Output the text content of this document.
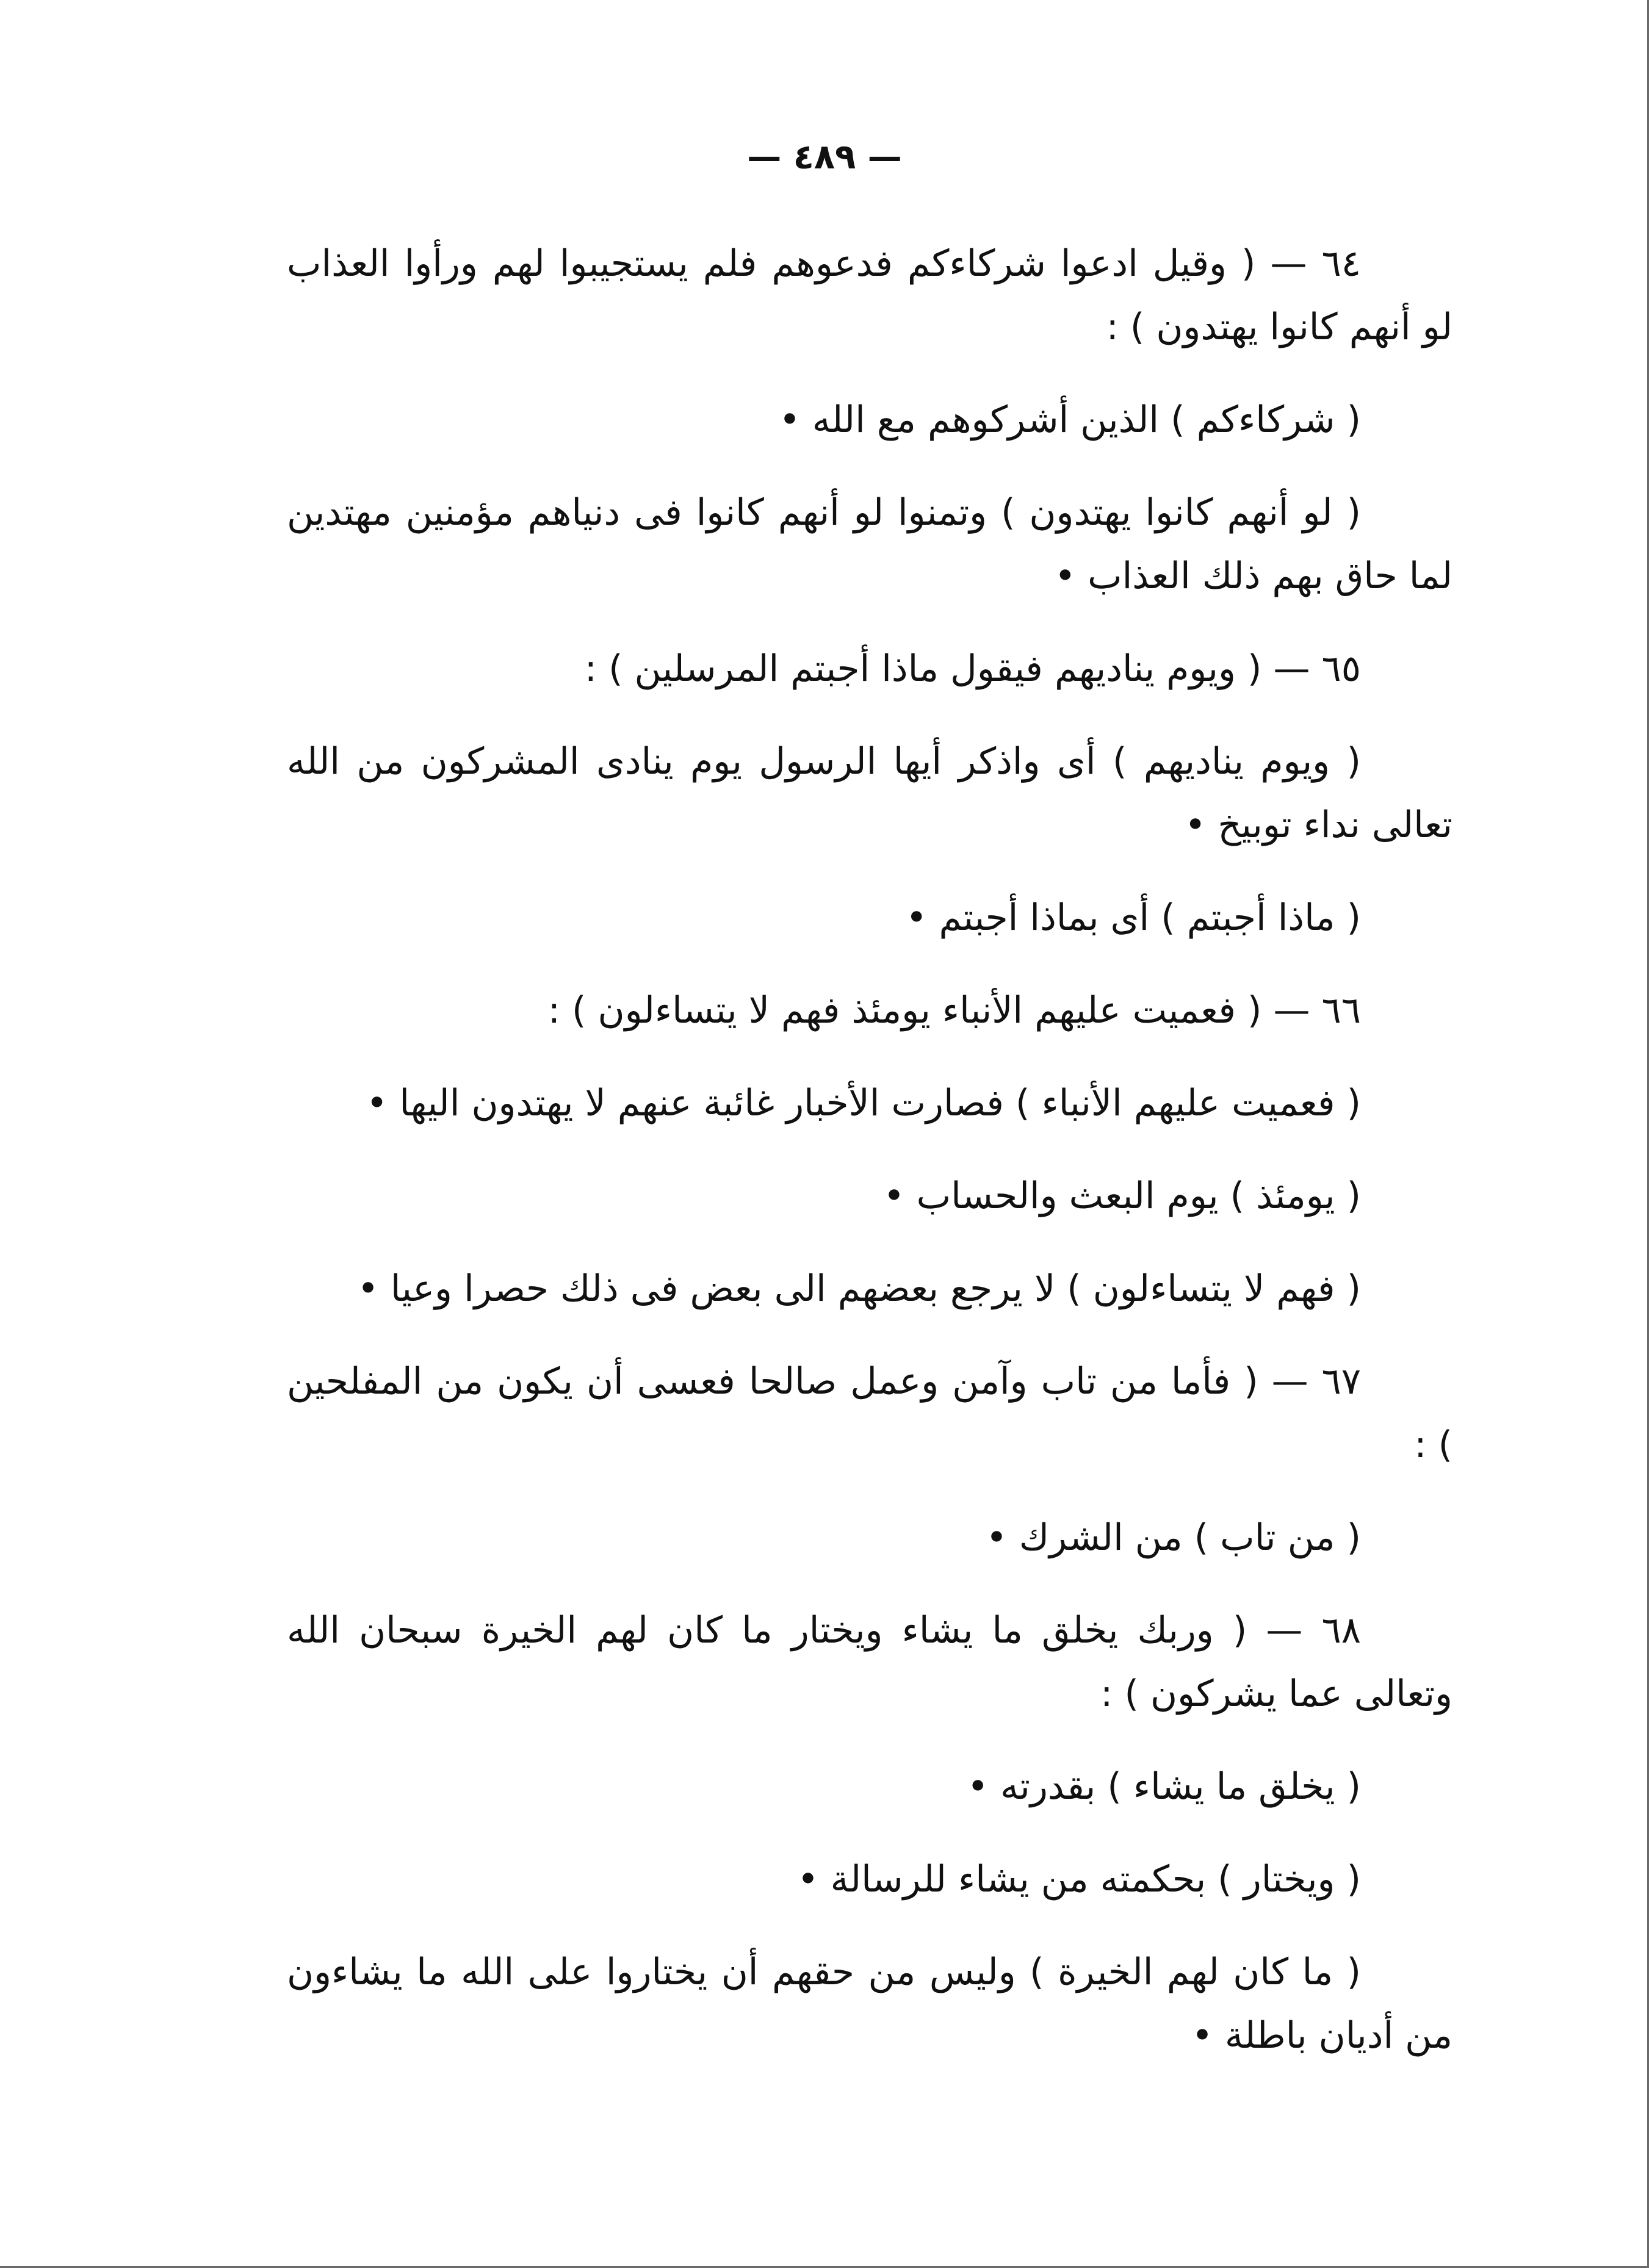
— ٤٨٩ —

٦٤ — ( وقيل ادعوا شركاءكم فدعوهم فلم يستجيبوا لهم ورأوا العذاب لو أنهم كانوا يهتدون ) :

( شركاءكم ) الذين أشركوهم مع الله •

( لو أنهم كانوا يهتدون ) وتمنوا لو أنهم كانوا فى دنياهم مؤمنين مهتدين لما حاق بهم ذلك العذاب •

٦٥ — ( ويوم يناديهم فيقول ماذا أجبتم المرسلين ) :

( ويوم يناديهم ) أى واذكر أيها الرسول يوم ينادى المشركون من الله تعالى نداء توبيخ •

( ماذا أجبتم ) أى بماذا أجبتم •

٦٦ — ( فعميت عليهم الأنباء يومئذ فهم لا يتساءلون ) :

( فعميت عليهم الأنباء ) فصارت الأخبار غائبة عنهم لا يهتدون اليها •

( يومئذ ) يوم البعث والحساب •

( فهم لا يتساءلون ) لا يرجع بعضهم الى بعض فى ذلك حصرا وعيا •

٦٧ — ( فأما من تاب وآمن وعمل صالحا فعسى أن يكون من المفلحين ) :

( من تاب ) من الشرك •

٦٨ — ( وربك يخلق ما يشاء ويختار ما كان لهم الخيرة سبحان الله وتعالى عما يشركون ) :

( يخلق ما يشاء ) بقدرته •

( ويختار ) بحكمته من يشاء للرسالة •

( ما كان لهم الخيرة ) وليس من حقهم أن يختاروا على الله ما يشاءون من أديان باطلة •
